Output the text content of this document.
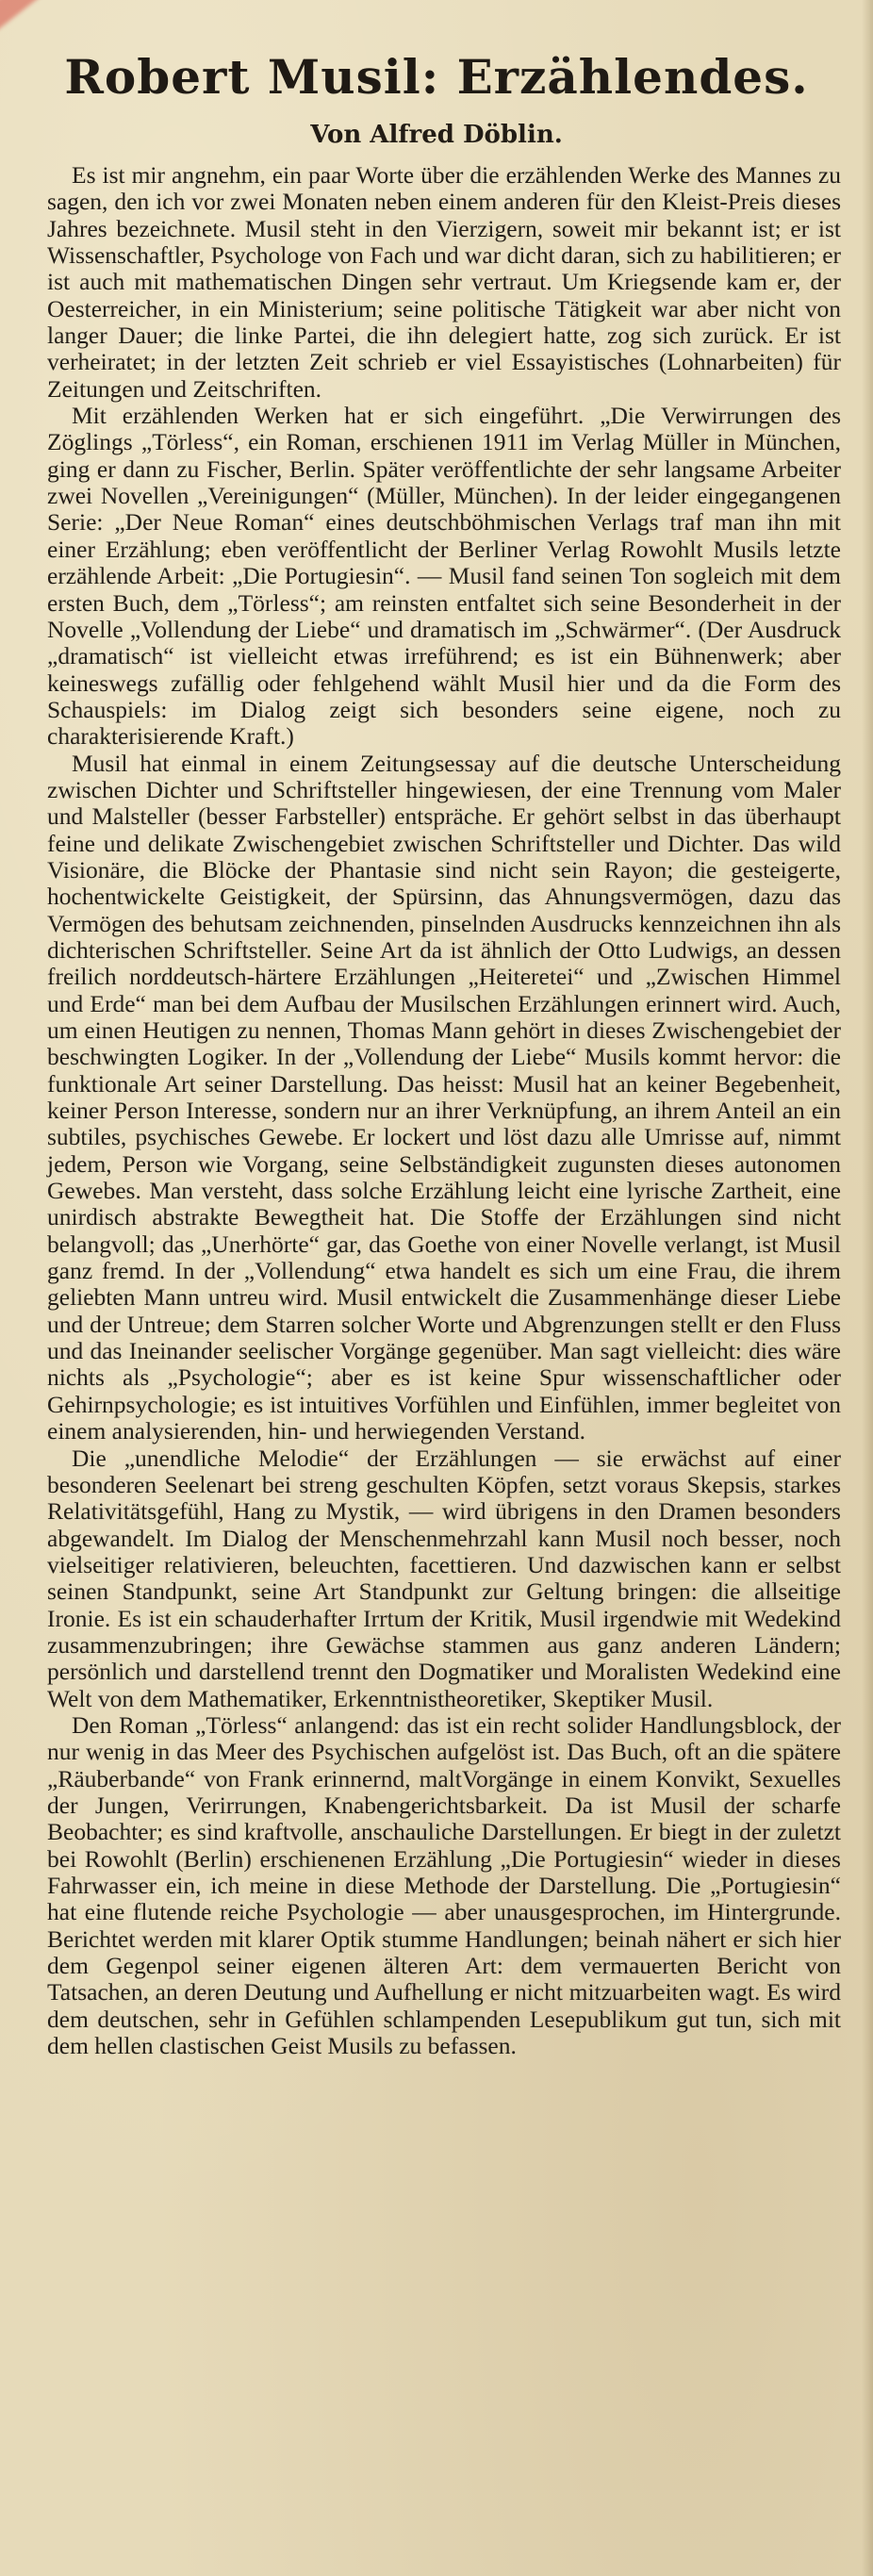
Robert Musil: Erzählendes.
Von Alfred Döblin.

Es ist mir angnehm, ein paar Worte über die erzählenden Werke des Mannes zu sagen, den ich vor zwei Monaten neben einem anderen für den Kleist-Preis dieses Jahres bezeichnete. Musil steht in den Vierzigern, soweit mir bekannt ist; er ist Wissenschaftler, Psychologe von Fach und war dicht daran, sich zu habilitieren; er ist auch mit mathematischen Dingen sehr vertraut. Um Kriegsende kam er, der Oesterreicher, in ein Ministerium; seine politische Tätigkeit war aber nicht von langer Dauer; die linke Partei, die ihn delegiert hatte, zog sich zurück. Er ist verheiratet; in der letzten Zeit schrieb er viel Essayistisches (Lohnarbeiten) für Zeitungen und Zeitschriften.

Mit erzählenden Werken hat er sich eingeführt. „Die Verwirrungen des Zöglings „Törless“, ein Roman, erschienen 1911 im Verlag Müller in München, ging er dann zu Fischer, Berlin. Später veröffentlichte der sehr langsame Arbeiter zwei Novellen „Vereinigungen“ (Müller, München). In der leider eingegangenen Serie: „Der Neue Roman“ eines deutschböhmischen Verlags traf man ihn mit einer Erzählung; eben veröffentlicht der Berliner Verlag Rowohlt Musils letzte erzählende Arbeit: „Die Portugiesin“. — Musil fand seinen Ton sogleich mit dem ersten Buch, dem „Törless“; am reinsten entfaltet sich seine Besonderheit in der Novelle „Vollendung der Liebe“ und dramatisch im „Schwärmer“. (Der Ausdruck „dramatisch“ ist vielleicht etwas irreführend; es ist ein Bühnenwerk; aber keineswegs zufällig oder fehlgehend wählt Musil hier und da die Form des Schauspiels: im Dialog zeigt sich besonders seine eigene, noch zu charakterisierende Kraft.)

Musil hat einmal in einem Zeitungsessay auf die deutsche Unterscheidung zwischen Dichter und Schriftsteller hingewiesen, der eine Trennung vom Maler und Malsteller (besser Farbsteller) entspräche. Er gehört selbst in das überhaupt feine und delikate Zwischengebiet zwischen Schriftsteller und Dichter. Das wild Visionäre, die Blöcke der Phantasie sind nicht sein Rayon; die gesteigerte, hochentwickelte Geistigkeit, der Spürsinn, das Ahnungsvermögen, dazu das Vermögen des behutsam zeichnenden, pinselnden Ausdrucks kennzeichnen ihn als dichterischen Schriftsteller. Seine Art da ist ähnlich der Otto Ludwigs, an dessen freilich norddeutsch-härtere Erzählungen „Heiteretei“ und „Zwischen Himmel und Erde“ man bei dem Aufbau der Musilschen Erzählungen erinnert wird. Auch, um einen Heutigen zu nennen, Thomas Mann gehört in dieses Zwischengebiet der beschwingten Logiker. In der „Vollendung der Liebe“ Musils kommt hervor: die funktionale Art seiner Darstellung. Das heisst: Musil hat an keiner Begebenheit, keiner Person Interesse, sondern nur an ihrer Verknüpfung, an ihrem Anteil an ein subtiles, psychisches Gewebe. Er lockert und löst dazu alle Umrisse auf, nimmt jedem, Person wie Vorgang, seine Selbständigkeit zugunsten dieses autonomen Gewebes. Man versteht, dass solche Erzählung leicht eine lyrische Zartheit, eine unirdisch abstrakte Bewegtheit hat. Die Stoffe der Erzählungen sind nicht belangvoll; das „Unerhörte“ gar, das Goethe von einer Novelle verlangt, ist Musil ganz fremd. In der „Vollendung“ etwa handelt es sich um eine Frau, die ihrem geliebten Mann untreu wird. Musil entwickelt die Zusammenhänge dieser Liebe und der Untreue; dem Starren solcher Worte und Abgrenzungen stellt er den Fluss und das Ineinander seelischer Vorgänge gegenüber. Man sagt vielleicht: dies wäre nichts als „Psychologie“; aber es ist keine Spur wissenschaftlicher oder Gehirnpsychologie; es ist intuitives Vorfühlen und Einfühlen, immer begleitet von einem analysierenden, hin- und herwiegenden Verstand.

Die „unendliche Melodie“ der Erzählungen — sie erwächst auf einer besonderen Seelenart bei streng geschulten Köpfen, setzt voraus Skepsis, starkes Relativitätsgefühl, Hang zu Mystik, — wird übrigens in den Dramen besonders abgewandelt. Im Dialog der Menschenmehrzahl kann Musil noch besser, noch vielseitiger relativieren, beleuchten, facettieren. Und dazwischen kann er selbst seinen Standpunkt, seine Art Standpunkt zur Geltung bringen: die allseitige Ironie. Es ist ein schauderhafter Irrtum der Kritik, Musil irgendwie mit Wedekind zusammenzubringen; ihre Gewächse stammen aus ganz anderen Ländern; persönlich und darstellend trennt den Dogmatiker und Moralisten Wedekind eine Welt von dem Mathematiker, Erkenntnistheoretiker, Skeptiker Musil.

Den Roman „Törless“ anlangend: das ist ein recht solider Handlungsblock, der nur wenig in das Meer des Psychischen aufgelöst ist. Das Buch, oft an die spätere „Räuberbande“ von Frank erinnernd, maltVorgänge in einem Konvikt, Sexuelles der Jungen, Verirrungen, Knabengerichtsbarkeit. Da ist Musil der scharfe Beobachter; es sind kraftvolle, anschauliche Darstellungen. Er biegt in der zuletzt bei Rowohlt (Berlin) erschienenen Erzählung „Die Portugiesin“ wieder in dieses Fahrwasser ein, ich meine in diese Methode der Darstellung. Die „Portugiesin“ hat eine flutende reiche Psychologie — aber unausgesprochen, im Hintergrunde. Berichtet werden mit klarer Optik stumme Handlungen; beinah nähert er sich hier dem Gegenpol seiner eigenen älteren Art: dem vermauerten Bericht von Tatsachen, an deren Deutung und Aufhellung er nicht mitzuarbeiten wagt. Es wird dem deutschen, sehr in Gefühlen schlampenden Lesepublikum gut tun, sich mit dem hellen clastischen Geist Musils zu befassen.
